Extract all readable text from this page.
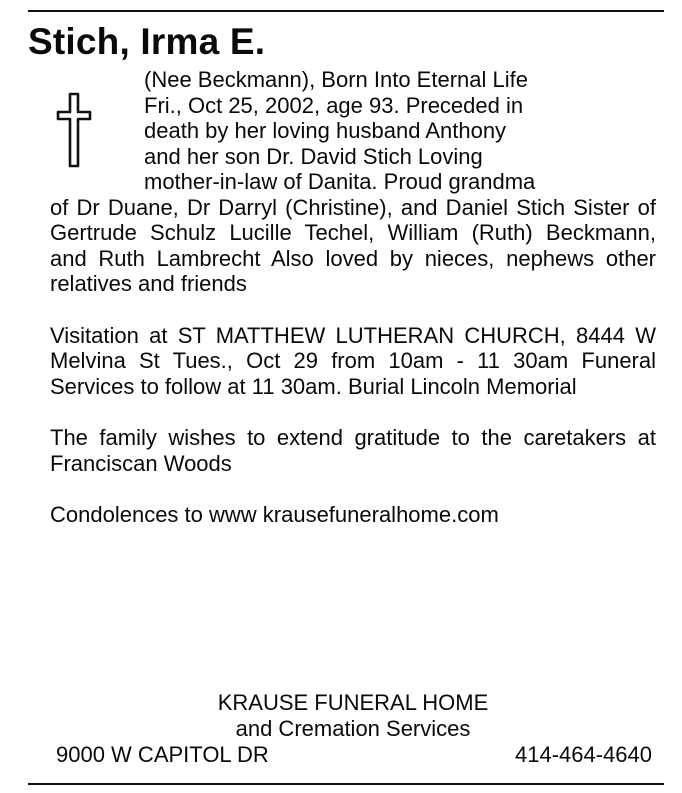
Stich, Irma E.

(Nee Beckmann), Born Into Eternal Life
Fri., Oct 25, 2002, age 93. Preceded in
death by her loving husband Anthony
and her son Dr. David Stich Loving
mother-in-law of Danita. Proud grandma
of Dr Duane, Dr Darryl (Christine), and Daniel Stich Sister of Gertrude Schulz Lucille Techel, William (Ruth) Beckmann, and Ruth Lambrecht Also loved by nieces, nephews other relatives and friends

Visitation at ST MATTHEW LUTHERAN CHURCH, 8444 W Melvina St Tues., Oct 29 from 10am - 11 30am Funeral Services to follow at 11 30am. Burial Lincoln Memorial

The family wishes to extend gratitude to the caretakers at Franciscan Woods

Condolences to www krausefuneralhome.com

KRAUSE FUNERAL HOME
and Cremation Services
9000 W CAPITOL DR	414-464-4640
